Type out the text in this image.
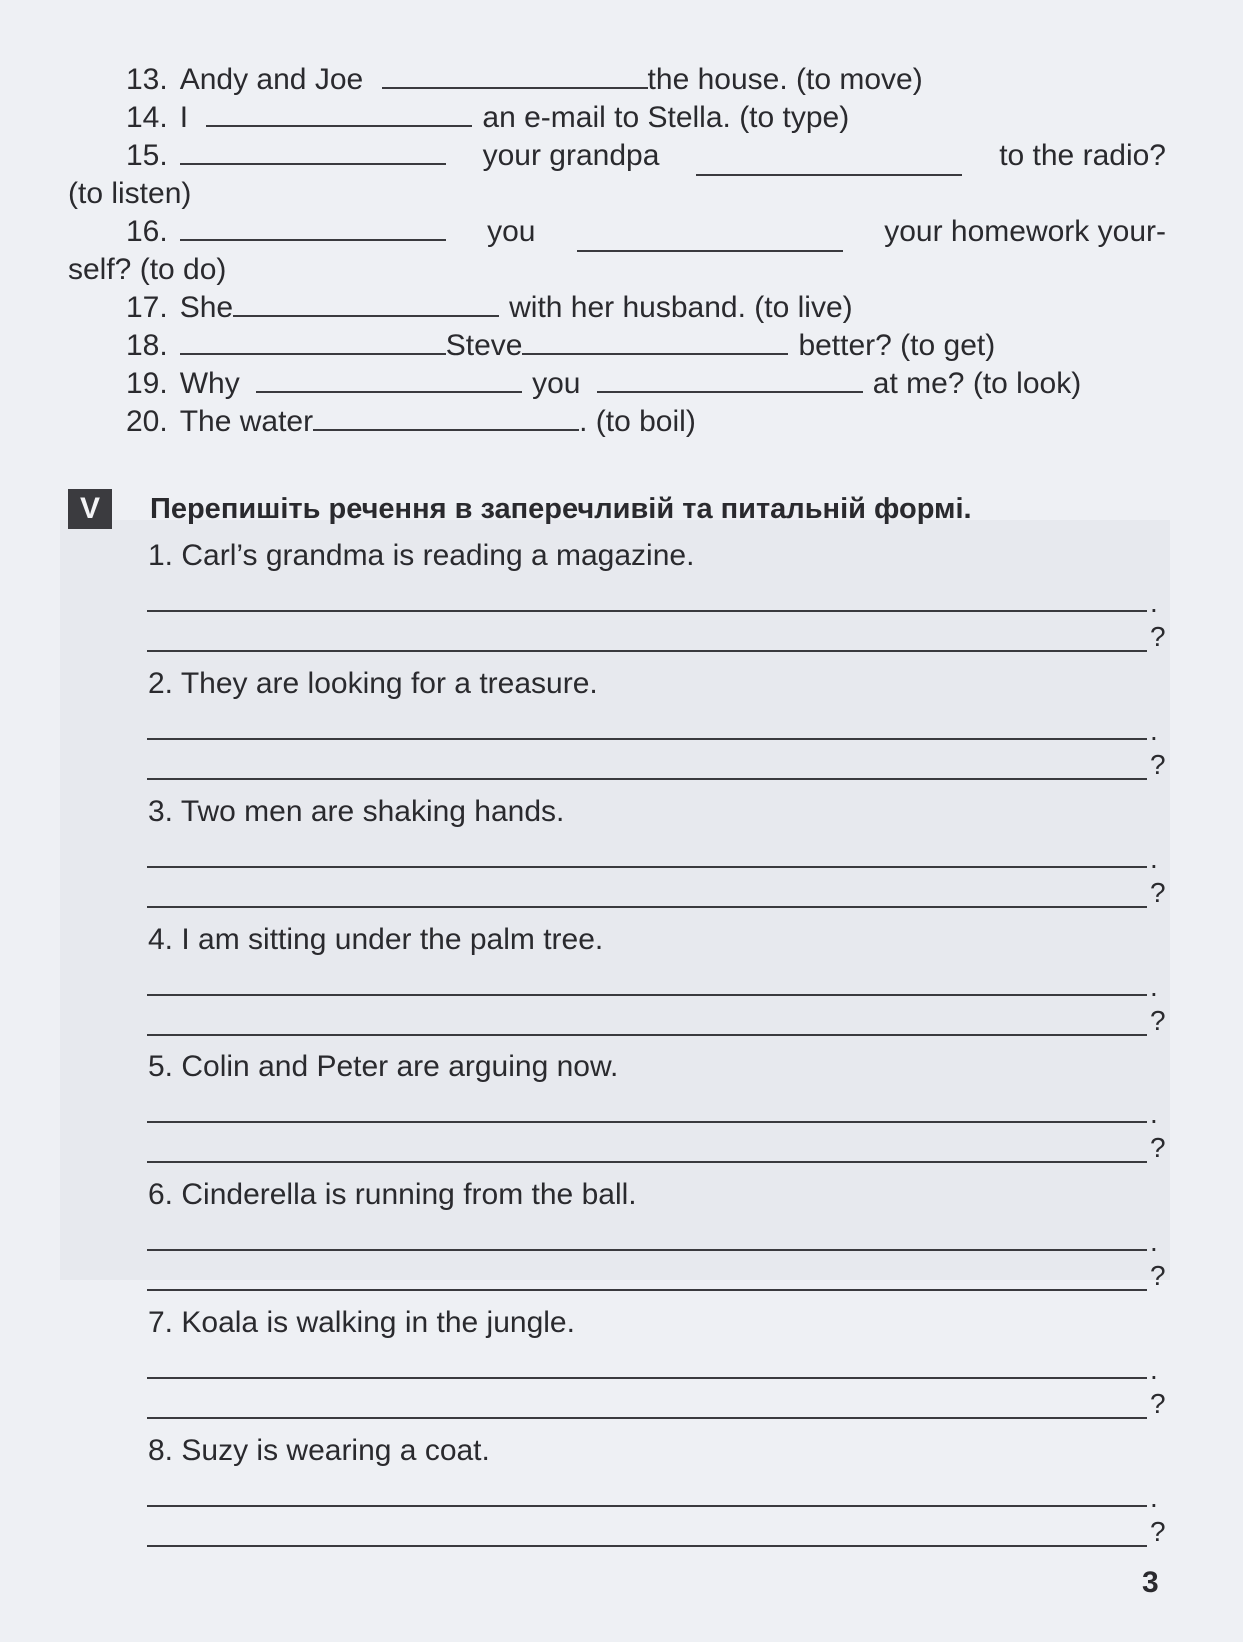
13. Andy and Joe	the house. (to move)
14. I	an e-mail to Stella. (to type)
15.	your grandpa	to the radio?
(to listen)
16.	you	your homework your-
self? (to do)
17. She	with her husband. (to live)
18.	Steve	better? (to get)
19. Why	you	at me? (to look)
20. The water	. (to boil)
V	Перепишіть речення в заперечливій та питальній формі.
1. Carl’s grandma is reading a magazine.
.
?
2. They are looking for a treasure.
.
?
3. Two men are shaking hands.
.
?
4. I am sitting under the palm tree.
.
?
5. Colin and Peter are arguing now.
.
?
6. Cinderella is running from the ball.
.
?
7. Koala is walking in the jungle.
.
?
8. Suzy is wearing a coat.
.
?
3
